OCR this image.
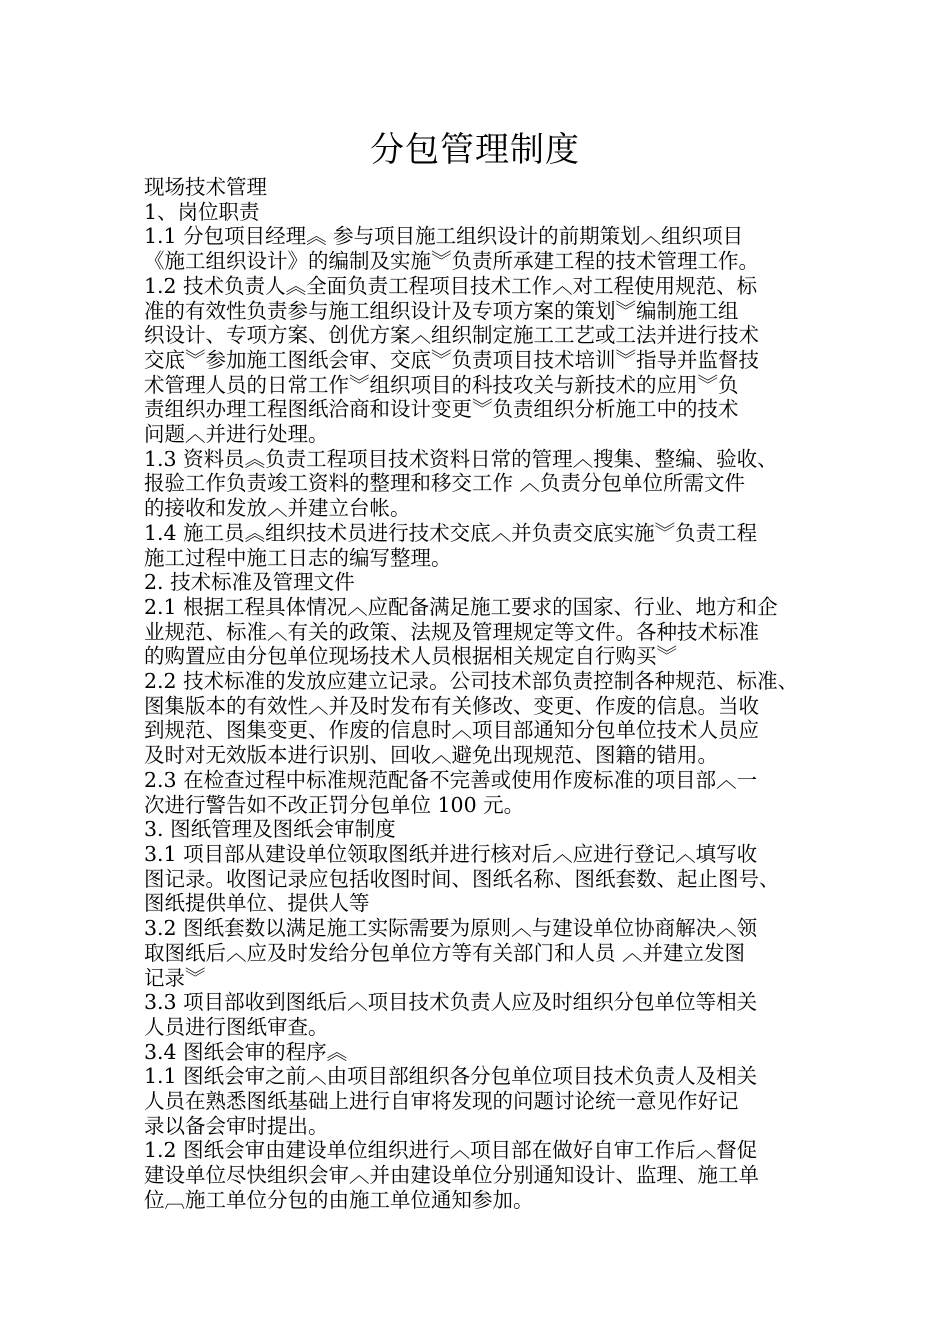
分包管理制度
现场技术管理
1、岗位职责
1.1 分包项目经理︽ 参与项目施工组织设计的前期策划︿组织项目
《施工组织设计》的编制及实施︾负责所承建工程的技术管理工作。
1.2 技术负责人︽全面负责工程项目技术工作︿对工程使用规范、标
准的有效性负责参与施工组织设计及专项方案的策划︾编制施工组
织设计、专项方案、创优方案︿组织制定施工工艺或工法并进行技术
交底︾参加施工图纸会审、交底︾负责项目技术培训︾指导并监督技
术管理人员的日常工作︾组织项目的科技攻关与新技术的应用︾负
责组织办理工程图纸洽商和设计变更︾负责组织分析施工中的技术
问题︿并进行处理。
1.3 资料员︽负责工程项目技术资料日常的管理︿搜集、整编、验收、
报验工作负责竣工资料的整理和移交工作 ︿负责分包单位所需文件
的接收和发放︿并建立台帐。
1.4 施工员︽组织技术员进行技术交底︿并负责交底实施︾负责工程
施工过程中施工日志的编写整理。
2. 技术标准及管理文件
2.1 根据工程具体情况︿应配备满足施工要求的国家、行业、地方和企
业规范、标准︿有关的政策、法规及管理规定等文件。各种技术标准
的购置应由分包单位现场技术人员根据相关规定自行购买︾
2.2 技术标准的发放应建立记录。公司技术部负责控制各种规范、标准、
图集版本的有效性︿并及时发布有关修改、变更、作废的信息。当收
到规范、图集变更、作废的信息时︿项目部通知分包单位技术人员应
及时对无效版本进行识别、回收︿避免出现规范、图籍的错用。
2.3 在检查过程中标准规范配备不完善或使用作废标准的项目部︿一
次进行警告如不改正罚分包单位 100 元。
3. 图纸管理及图纸会审制度
3.1 项目部从建设单位领取图纸并进行核对后︿应进行登记︿填写收
图记录。收图记录应包括收图时间、图纸名称、图纸套数、起止图号、
图纸提供单位、提供人等
3.2 图纸套数以满足施工实际需要为原则︿与建设单位协商解决︿领
取图纸后︿应及时发给分包单位方等有关部门和人员 ︿并建立发图
记录︾
3.3 项目部收到图纸后︿项目技术负责人应及时组织分包单位等相关
人员进行图纸审查。
3.4 图纸会审的程序︽
1.1 图纸会审之前︿由项目部组织各分包单位项目技术负责人及相关
人员在熟悉图纸基础上进行自审将发现的问题讨论统一意见作好记
录以备会审时提出。
1.2 图纸会审由建设单位组织进行︿项目部在做好自审工作后︿督促
建设单位尽快组织会审︿并由建设单位分别通知设计、监理、施工单
位︹施工单位分包的由施工单位通知参加。
